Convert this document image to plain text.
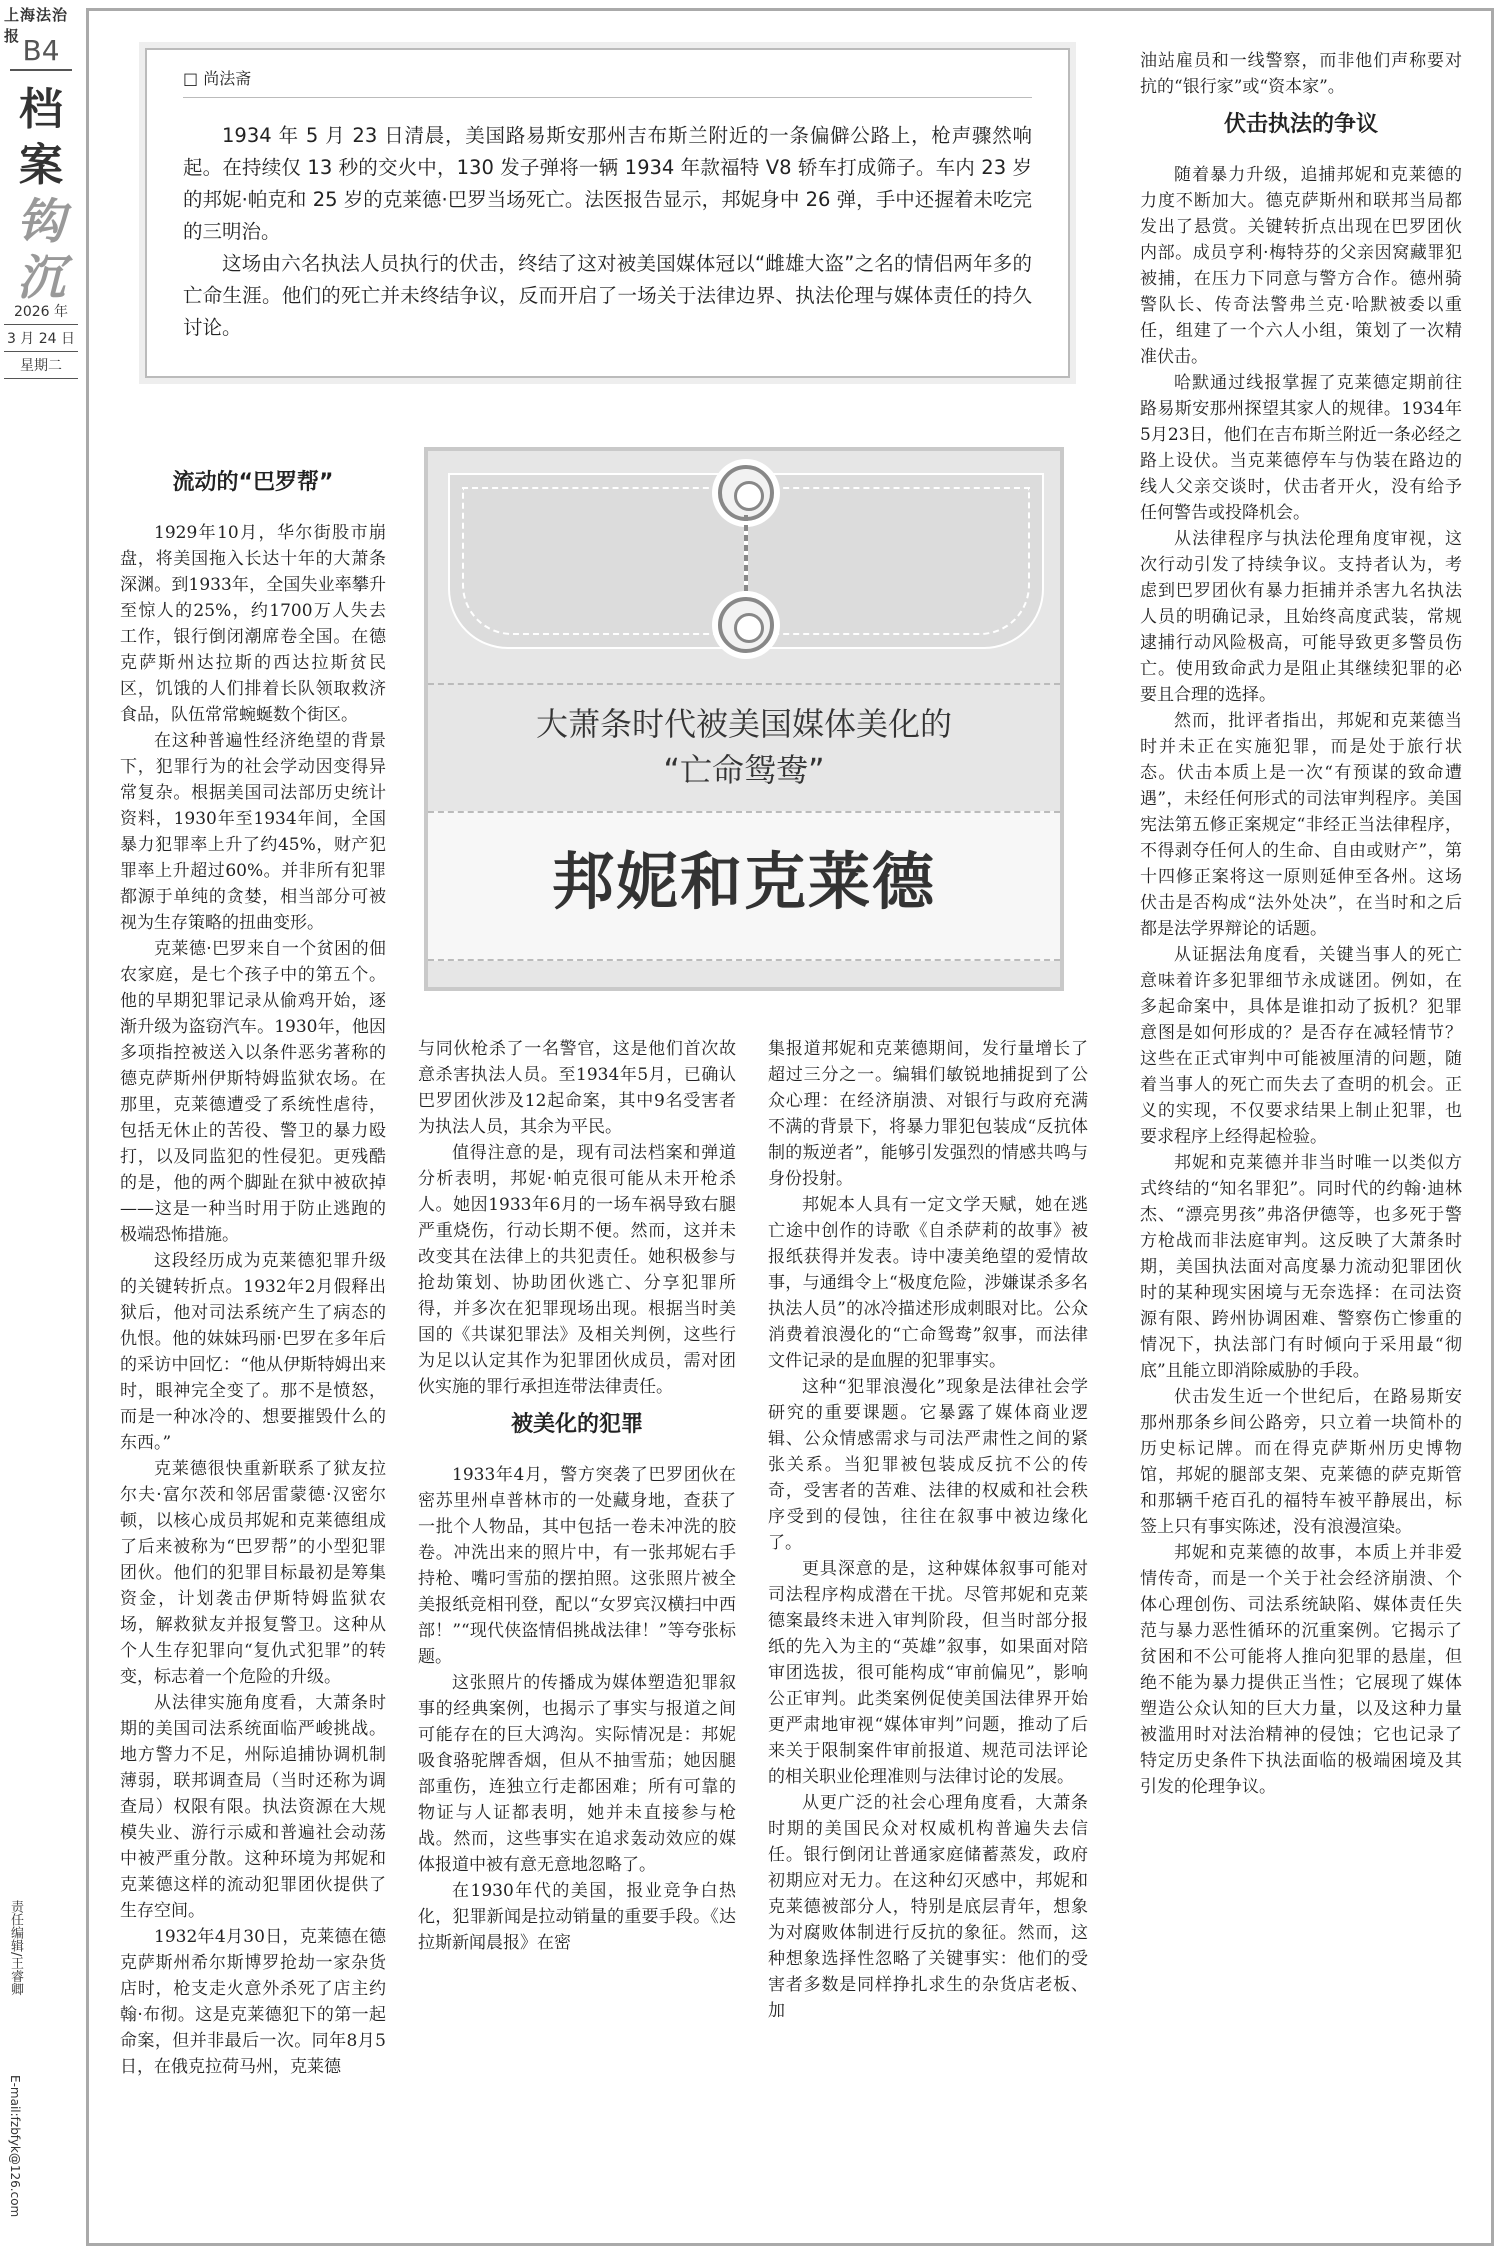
上海法治报 B4
档
案
钩
沉
2026 年
3 月 24 日
星期二
责任编辑/王睿卿
E-mail:fzbfyk@126.com
□ 尚法斋

1934 年 5 月 23 日清晨，美国路易斯安那州吉布斯兰附近的一条偏僻公路上，枪声骤然响起。在持续仅 13 秒的交火中，130 发子弹将一辆 1934 年款福特 V8 轿车打成筛子。车内 23 岁的邦妮·帕克和 25 岁的克莱德·巴罗当场死亡。法医报告显示，邦妮身中 26 弹，手中还握着未吃完的三明治。

这场由六名执法人员执行的伏击，终结了这对被美国媒体冠以“雌雄大盗”之名的情侣两年多的亡命生涯。他们的死亡并未终结争议，反而开启了一场关于法律边界、执法伦理与媒体责任的持久讨论。

大萧条时代被美国媒体美化的
“亡命鸳鸯”
邦妮和克莱德
流动的“巴罗帮”

1929年10月，华尔街股市崩盘，将美国拖入长达十年的大萧条深渊。到1933年，全国失业率攀升至惊人的25%，约1700万人失去工作，银行倒闭潮席卷全国。在德克萨斯州达拉斯的西达拉斯贫民区，饥饿的人们排着长队领取救济食品，队伍常常蜿蜒数个街区。

在这种普遍性经济绝望的背景下，犯罪行为的社会学动因变得异常复杂。根据美国司法部历史统计资料，1930年至1934年间，全国暴力犯罪率上升了约45%，财产犯罪率上升超过60%。并非所有犯罪都源于单纯的贪婪，相当部分可被视为生存策略的扭曲变形。

克莱德·巴罗来自一个贫困的佃农家庭，是七个孩子中的第五个。他的早期犯罪记录从偷鸡开始，逐渐升级为盗窃汽车。1930年，他因多项指控被送入以条件恶劣著称的德克萨斯州伊斯特姆监狱农场。在那里，克莱德遭受了系统性虐待，包括无休止的苦役、警卫的暴力殴打，以及同监犯的性侵犯。更残酷的是，他的两个脚趾在狱中被砍掉——这是一种当时用于防止逃跑的极端恐怖措施。

这段经历成为克莱德犯罪升级的关键转折点。1932年2月假释出狱后，他对司法系统产生了病态的仇恨。他的妹妹玛丽·巴罗在多年后的采访中回忆：“他从伊斯特姆出来时，眼神完全变了。那不是愤怒，而是一种冰冷的、想要摧毁什么的东西。”

克莱德很快重新联系了狱友拉尔夫·富尔茨和邻居雷蒙德·汉密尔顿，以核心成员邦妮和克莱德组成了后来被称为“巴罗帮”的小型犯罪团伙。他们的犯罪目标最初是筹集资金，计划袭击伊斯特姆监狱农场，解救狱友并报复警卫。这种从个人生存犯罪向“复仇式犯罪”的转变，标志着一个危险的升级。

从法律实施角度看，大萧条时期的美国司法系统面临严峻挑战。地方警力不足，州际追捕协调机制薄弱，联邦调查局（当时还称为调查局）权限有限。执法资源在大规模失业、游行示威和普遍社会动荡中被严重分散。这种环境为邦妮和克莱德这样的流动犯罪团伙提供了生存空间。

1932年4月30日，克莱德在德克萨斯州希尔斯博罗抢劫一家杂货店时，枪支走火意外杀死了店主约翰·布彻。这是克莱德犯下的第一起命案，但并非最后一次。同年8月5日，在俄克拉荷马州，克莱德

与同伙枪杀了一名警官，这是他们首次故意杀害执法人员。至1934年5月，已确认巴罗团伙涉及12起命案，其中9名受害者为执法人员，其余为平民。

值得注意的是，现有司法档案和弹道分析表明，邦妮·帕克很可能从未开枪杀人。她因1933年6月的一场车祸导致右腿严重烧伤，行动长期不便。然而，这并未改变其在法律上的共犯责任。她积极参与抢劫策划、协助团伙逃亡、分享犯罪所得，并多次在犯罪现场出现。根据当时美国的《共谋犯罪法》及相关判例，这些行为足以认定其作为犯罪团伙成员，需对团伙实施的罪行承担连带法律责任。

被美化的犯罪

1933年4月，警方突袭了巴罗团伙在密苏里州卓普林市的一处藏身地，查获了一批个人物品，其中包括一卷未冲洗的胶卷。冲洗出来的照片中，有一张邦妮右手持枪、嘴叼雪茄的摆拍照。这张照片被全美报纸竞相刊登，配以“女罗宾汉横扫中西部！”“现代侠盗情侣挑战法律！”等夸张标题。

这张照片的传播成为媒体塑造犯罪叙事的经典案例，也揭示了事实与报道之间可能存在的巨大鸿沟。实际情况是：邦妮吸食骆驼牌香烟，但从不抽雪茄；她因腿部重伤，连独立行走都困难；所有可靠的物证与人证都表明，她并未直接参与枪战。然而，这些事实在追求轰动效应的媒体报道中被有意无意地忽略了。

在1930年代的美国，报业竞争白热化，犯罪新闻是拉动销量的重要手段。《达拉斯新闻晨报》在密

集报道邦妮和克莱德期间，发行量增长了超过三分之一。编辑们敏锐地捕捉到了公众心理：在经济崩溃、对银行与政府充满不满的背景下，将暴力罪犯包装成“反抗体制的叛逆者”，能够引发强烈的情感共鸣与身份投射。

邦妮本人具有一定文学天赋，她在逃亡途中创作的诗歌《自杀萨莉的故事》被报纸获得并发表。诗中凄美绝望的爱情故事，与通缉令上“极度危险，涉嫌谋杀多名执法人员”的冰冷描述形成刺眼对比。公众消费着浪漫化的“亡命鸳鸯”叙事，而法律文件记录的是血腥的犯罪事实。

这种“犯罪浪漫化”现象是法律社会学研究的重要课题。它暴露了媒体商业逻辑、公众情感需求与司法严肃性之间的紧张关系。当犯罪被包装成反抗不公的传奇，受害者的苦难、法律的权威和社会秩序受到的侵蚀，往往在叙事中被边缘化了。

更具深意的是，这种媒体叙事可能对司法程序构成潜在干扰。尽管邦妮和克莱德案最终未进入审判阶段，但当时部分报纸的先入为主的“英雄”叙事，如果面对陪审团选拔，很可能构成“审前偏见”，影响公正审判。此类案例促使美国法律界开始更严肃地审视“媒体审判”问题，推动了后来关于限制案件审前报道、规范司法评论的相关职业伦理准则与法律讨论的发展。

从更广泛的社会心理角度看，大萧条时期的美国民众对权威机构普遍失去信任。银行倒闭让普通家庭储蓄蒸发，政府初期应对无力。在这种幻灭感中，邦妮和克莱德被部分人，特别是底层青年，想象为对腐败体制进行反抗的象征。然而，这种想象选择性忽略了关键事实：他们的受害者多数是同样挣扎求生的杂货店老板、加

油站雇员和一线警察，而非他们声称要对抗的“银行家”或“资本家”。

伏击执法的争议

随着暴力升级，追捕邦妮和克莱德的力度不断加大。德克萨斯州和联邦当局都发出了悬赏。关键转折点出现在巴罗团伙内部。成员亨利·梅特芬的父亲因窝藏罪犯被捕，在压力下同意与警方合作。德州骑警队长、传奇法警弗兰克·哈默被委以重任，组建了一个六人小组，策划了一次精准伏击。

哈默通过线报掌握了克莱德定期前往路易斯安那州探望其家人的规律。1934年5月23日，他们在吉布斯兰附近一条必经之路上设伏。当克莱德停车与伪装在路边的线人父亲交谈时，伏击者开火，没有给予任何警告或投降机会。

从法律程序与执法伦理角度审视，这次行动引发了持续争议。支持者认为，考虑到巴罗团伙有暴力拒捕并杀害九名执法人员的明确记录，且始终高度武装，常规逮捕行动风险极高，可能导致更多警员伤亡。使用致命武力是阻止其继续犯罪的必要且合理的选择。

然而，批评者指出，邦妮和克莱德当时并未正在实施犯罪，而是处于旅行状态。伏击本质上是一次“有预谋的致命遭遇”，未经任何形式的司法审判程序。美国宪法第五修正案规定“非经正当法律程序，不得剥夺任何人的生命、自由或财产”，第十四修正案将这一原则延伸至各州。这场伏击是否构成“法外处决”，在当时和之后都是法学界辩论的话题。

从证据法角度看，关键当事人的死亡意味着许多犯罪细节永成谜团。例如，在多起命案中，具体是谁扣动了扳机？犯罪意图是如何形成的？是否存在减轻情节？这些在正式审判中可能被厘清的问题，随着当事人的死亡而失去了查明的机会。正义的实现，不仅要求结果上制止犯罪，也要求程序上经得起检验。

邦妮和克莱德并非当时唯一以类似方式终结的“知名罪犯”。同时代的约翰·迪林杰、“漂亮男孩”弗洛伊德等，也多死于警方枪战而非法庭审判。这反映了大萧条时期，美国执法面对高度暴力流动犯罪团伙时的某种现实困境与无奈选择：在司法资源有限、跨州协调困难、警察伤亡惨重的情况下，执法部门有时倾向于采用最“彻底”且能立即消除威胁的手段。

伏击发生近一个世纪后，在路易斯安那州那条乡间公路旁，只立着一块简朴的历史标记牌。而在得克萨斯州历史博物馆，邦妮的腿部支架、克莱德的萨克斯管和那辆千疮百孔的福特车被平静展出，标签上只有事实陈述，没有浪漫渲染。

邦妮和克莱德的故事，本质上并非爱情传奇，而是一个关于社会经济崩溃、个体心理创伤、司法系统缺陷、媒体责任失范与暴力恶性循环的沉重案例。它揭示了贫困和不公可能将人推向犯罪的悬崖，但绝不能为暴力提供正当性；它展现了媒体塑造公众认知的巨大力量，以及这种力量被滥用时对法治精神的侵蚀；它也记录了特定历史条件下执法面临的极端困境及其引发的伦理争议。
